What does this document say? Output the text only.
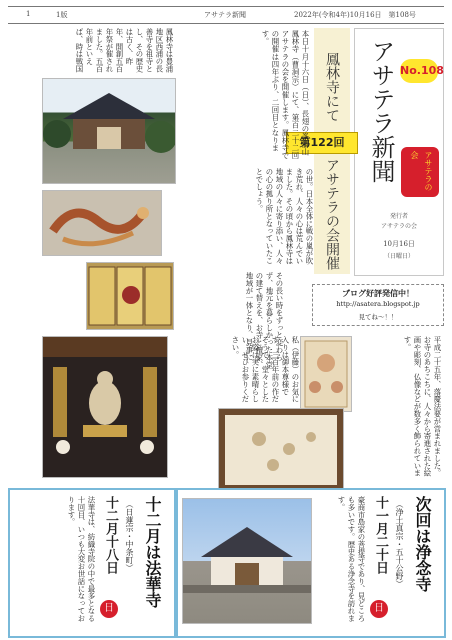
1	1版	アサテラ新聞	2022年(令和4年)10月16日　第108号
No.108
アサテラ新聞	アサテラの会
発行者
アサテラの会
10月16日
（日曜日）
鳳林寺にて
第122回
アサテラの会開催
本日十月十六日（日）、長翅の峯清山鳳林寺（曹洞宗）にて、第百二十二回アサテラの会を開催します。鳳林寺での開催は四年ぶり、二回目となります。
の世。日本全体に戦の嵐が吹き荒れ、人々の心は荒んでいました。その頃から鳳林寺は地域の人々に寄り添い、人々の心の拠り所となっていたことでしょう。
その長い時をずっと変わらず、地元を暮らしかった本堂の建て替えを、お寺と檀家、地域が一体となり、見事に	ブログ好評発信中！
http://asatera.blogspot.jp
見てね～！！
平成二十五年、落慶法要が営まれました。お寺のあちこちに、人々から寄進された絵画や彫刻、仏像などが数多く飾られています。
私（伊藤）のお気に入りは御本尊様です。三百年前の作だそうで、堂々としたお姿は実に素晴らしい。ぜひお参りください。
次回は浄念寺
（浄土真宗・五十公野）
十一月二十日
日
豪商市島家の菩提寺であり、見どころも多いです。歴史ある浄念寺を訪れます。
十二月は法華寺
（日蓮宗・中条町）
十二月十八日
日
法華寺は、紡織寺院の中で最多となる十回目、いつも大変お世話になっております。
鳳林寺は豊浦地区西浦の長善寺を祖寺とし、その歴史は古く、昨年、開創五百年祭が催されました。五百年前といえば、時は戦国
